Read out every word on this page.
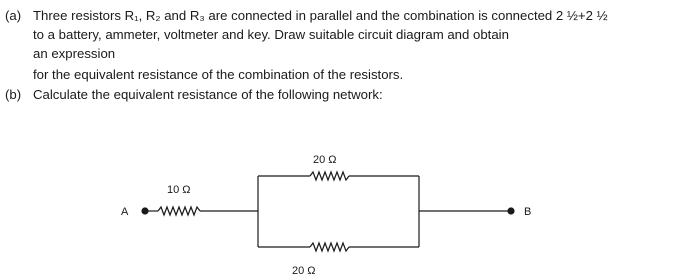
(a) Three resistors R₁, R₂ and R₃ are connected in parallel and the combination is connected 2 ½+2 ½
to a battery, ammeter, voltmeter and key. Draw suitable circuit diagram and obtain
an expression
for the equivalent resistance of the combination of the resistors.
(b) Calculate the equivalent resistance of the following network:
A	B
10 Ω
20 Ω
20 Ω
